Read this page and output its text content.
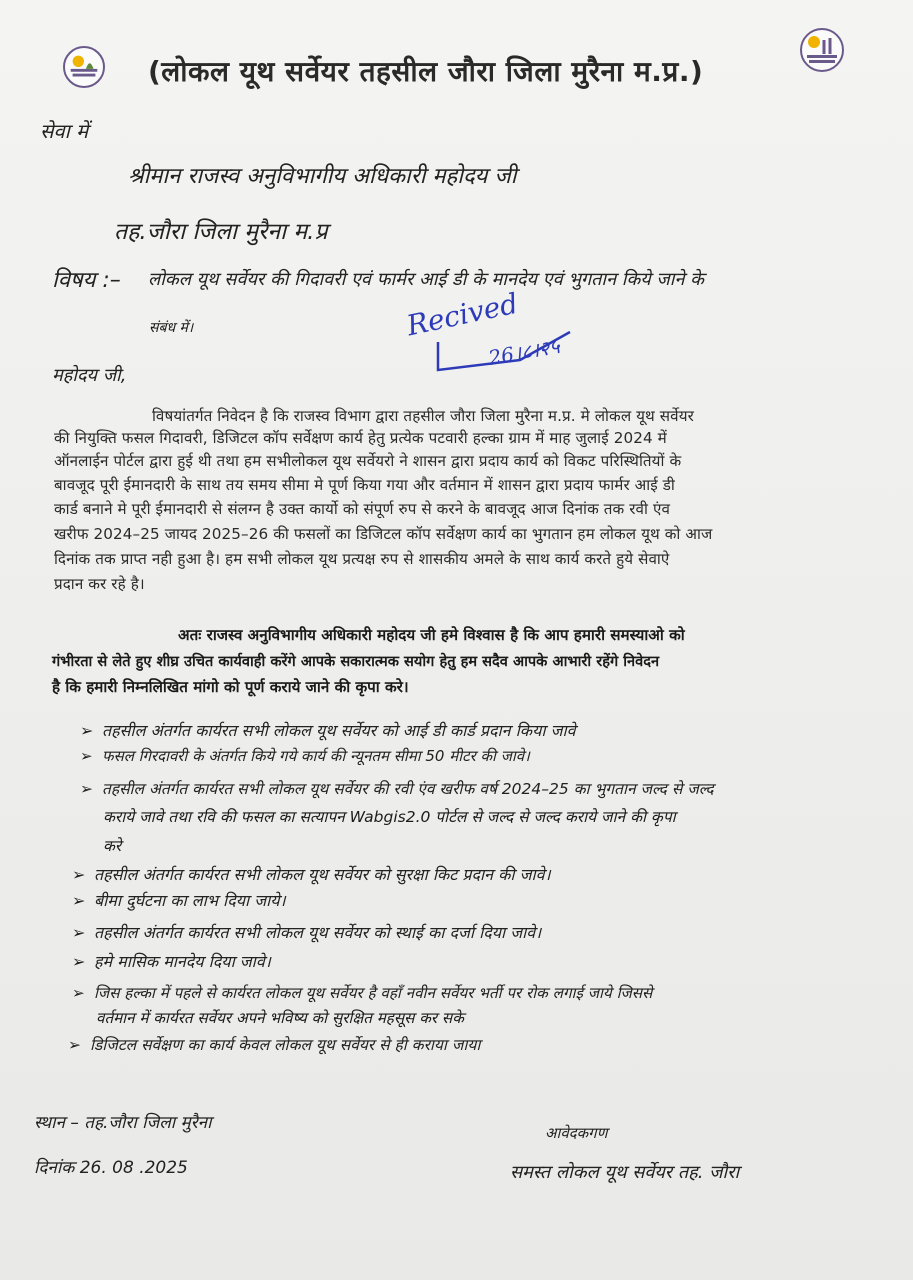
(लोकल यूथ सर्वेयर तहसील जौरा जिला मुरैना म.प्र.)
सेवा में
श्रीमान राजस्व अनुविभागीय अधिकारी महोदय जी
तह.जौरा जिला मुरैना म.प्र
विषय :– लोकल यूथ सर्वेयर की गिदावरी एवं फार्मर आई डी के मानदेय एवं भुगतान किये जाने के
संबंध में।	Recived
26।८।२५
महोदय जी,
विषयांतर्गत निवेदन है कि राजस्व विभाग द्वारा तहसील जौरा जिला मुरैना म.प्र. मे लोकल यूथ सर्वेयर
की नियुक्ति फसल गिदावरी, डिजिटल कॉप सर्वेक्षण कार्य हेतु प्रत्येक पटवारी हल्का ग्राम में माह जुलाई 2024 में
ऑनलाईन पोर्टल द्वारा हुई थी तथा हम सभीलोकल यूथ सर्वेयरो ने शासन द्वारा प्रदाय कार्य को विकट परिस्थितियों के
बावजूद पूरी ईमानदारी के साथ तय समय सीमा मे पूर्ण किया गया और वर्तमान में शासन द्वारा प्रदाय फार्मर आई डी
कार्ड बनाने मे पूरी ईमानदारी से संलग्न है उक्त कार्यो को संपूर्ण रुप से करने के बावजूद आज दिनांक तक रवी एंव
खरीफ 2024–25 जायद 2025–26 की फसलों का डिजिटल कॉप सर्वेक्षण कार्य का भुगतान हम लोकल यूथ को आज
दिनांक तक प्राप्त नही हुआ है। हम सभी लोकल यूथ प्रत्यक्ष रुप से शासकीय अमले के साथ कार्य करते हुये सेवाऐ
प्रदान कर रहे है।
अतः राजस्व अनुविभागीय अधिकारी महोदय जी हमे विश्वास है कि आप हमारी समस्याओ को
गंभीरता से लेते हुए शीघ्र उचित कार्यवाही करेंगे आपके सकारात्मक सयोग हेतु हम सदैव आपके आभारी रहेंगे निवेदन
है कि हमारी निम्नलिखित मांगो को पूर्ण कराये जाने की कृपा करे।
➢ तहसील अंतर्गत कार्यरत सभी लोकल यूथ सर्वेयर को आई डी कार्ड प्रदान किया जावे
➢ फसल गिरदावरी के अंतर्गत किये गये कार्य की न्यूनतम सीमा 50 मीटर की जावे।
➢ तहसील अंतर्गत कार्यरत सभी लोकल यूथ सर्वेयर की रवी एंव खरीफ वर्ष 2024–25 का भुगतान जल्द से जल्द
कराये जावे तथा रवि की फसल का सत्यापन Wabgis2.0 पोर्टल से जल्द से जल्द कराये जाने की कृपा
करे
➢ तहसील अंतर्गत कार्यरत सभी लोकल यूथ सर्वेयर को सुरक्षा किट प्रदान की जावे।
➢ बीमा दुर्घटना का लाभ दिया जाये।
➢ तहसील अंतर्गत कार्यरत सभी लोकल यूथ सर्वेयर को स्थाई का दर्जा दिया जावे।
➢ हमे मासिक मानदेय दिया जावे।
➢ जिस हल्का में पहले से कार्यरत लोकल यूथ सर्वेयर है वहाँ नवीन सर्वेयर भर्ती पर रोक लगाई जाये जिससे
वर्तमान में कार्यरत सर्वेयर अपने भविष्य को सुरक्षित महसूस कर सके
➢ डिजिटल सर्वेक्षण का कार्य केवल लोकल यूथ सर्वेयर से ही कराया जाया
स्थान – तह.जौरा जिला मुरैना
दिनांक 26. 08 .2025
आवेदकगण
समस्त लोकल यूथ सर्वेयर तह. जौरा
